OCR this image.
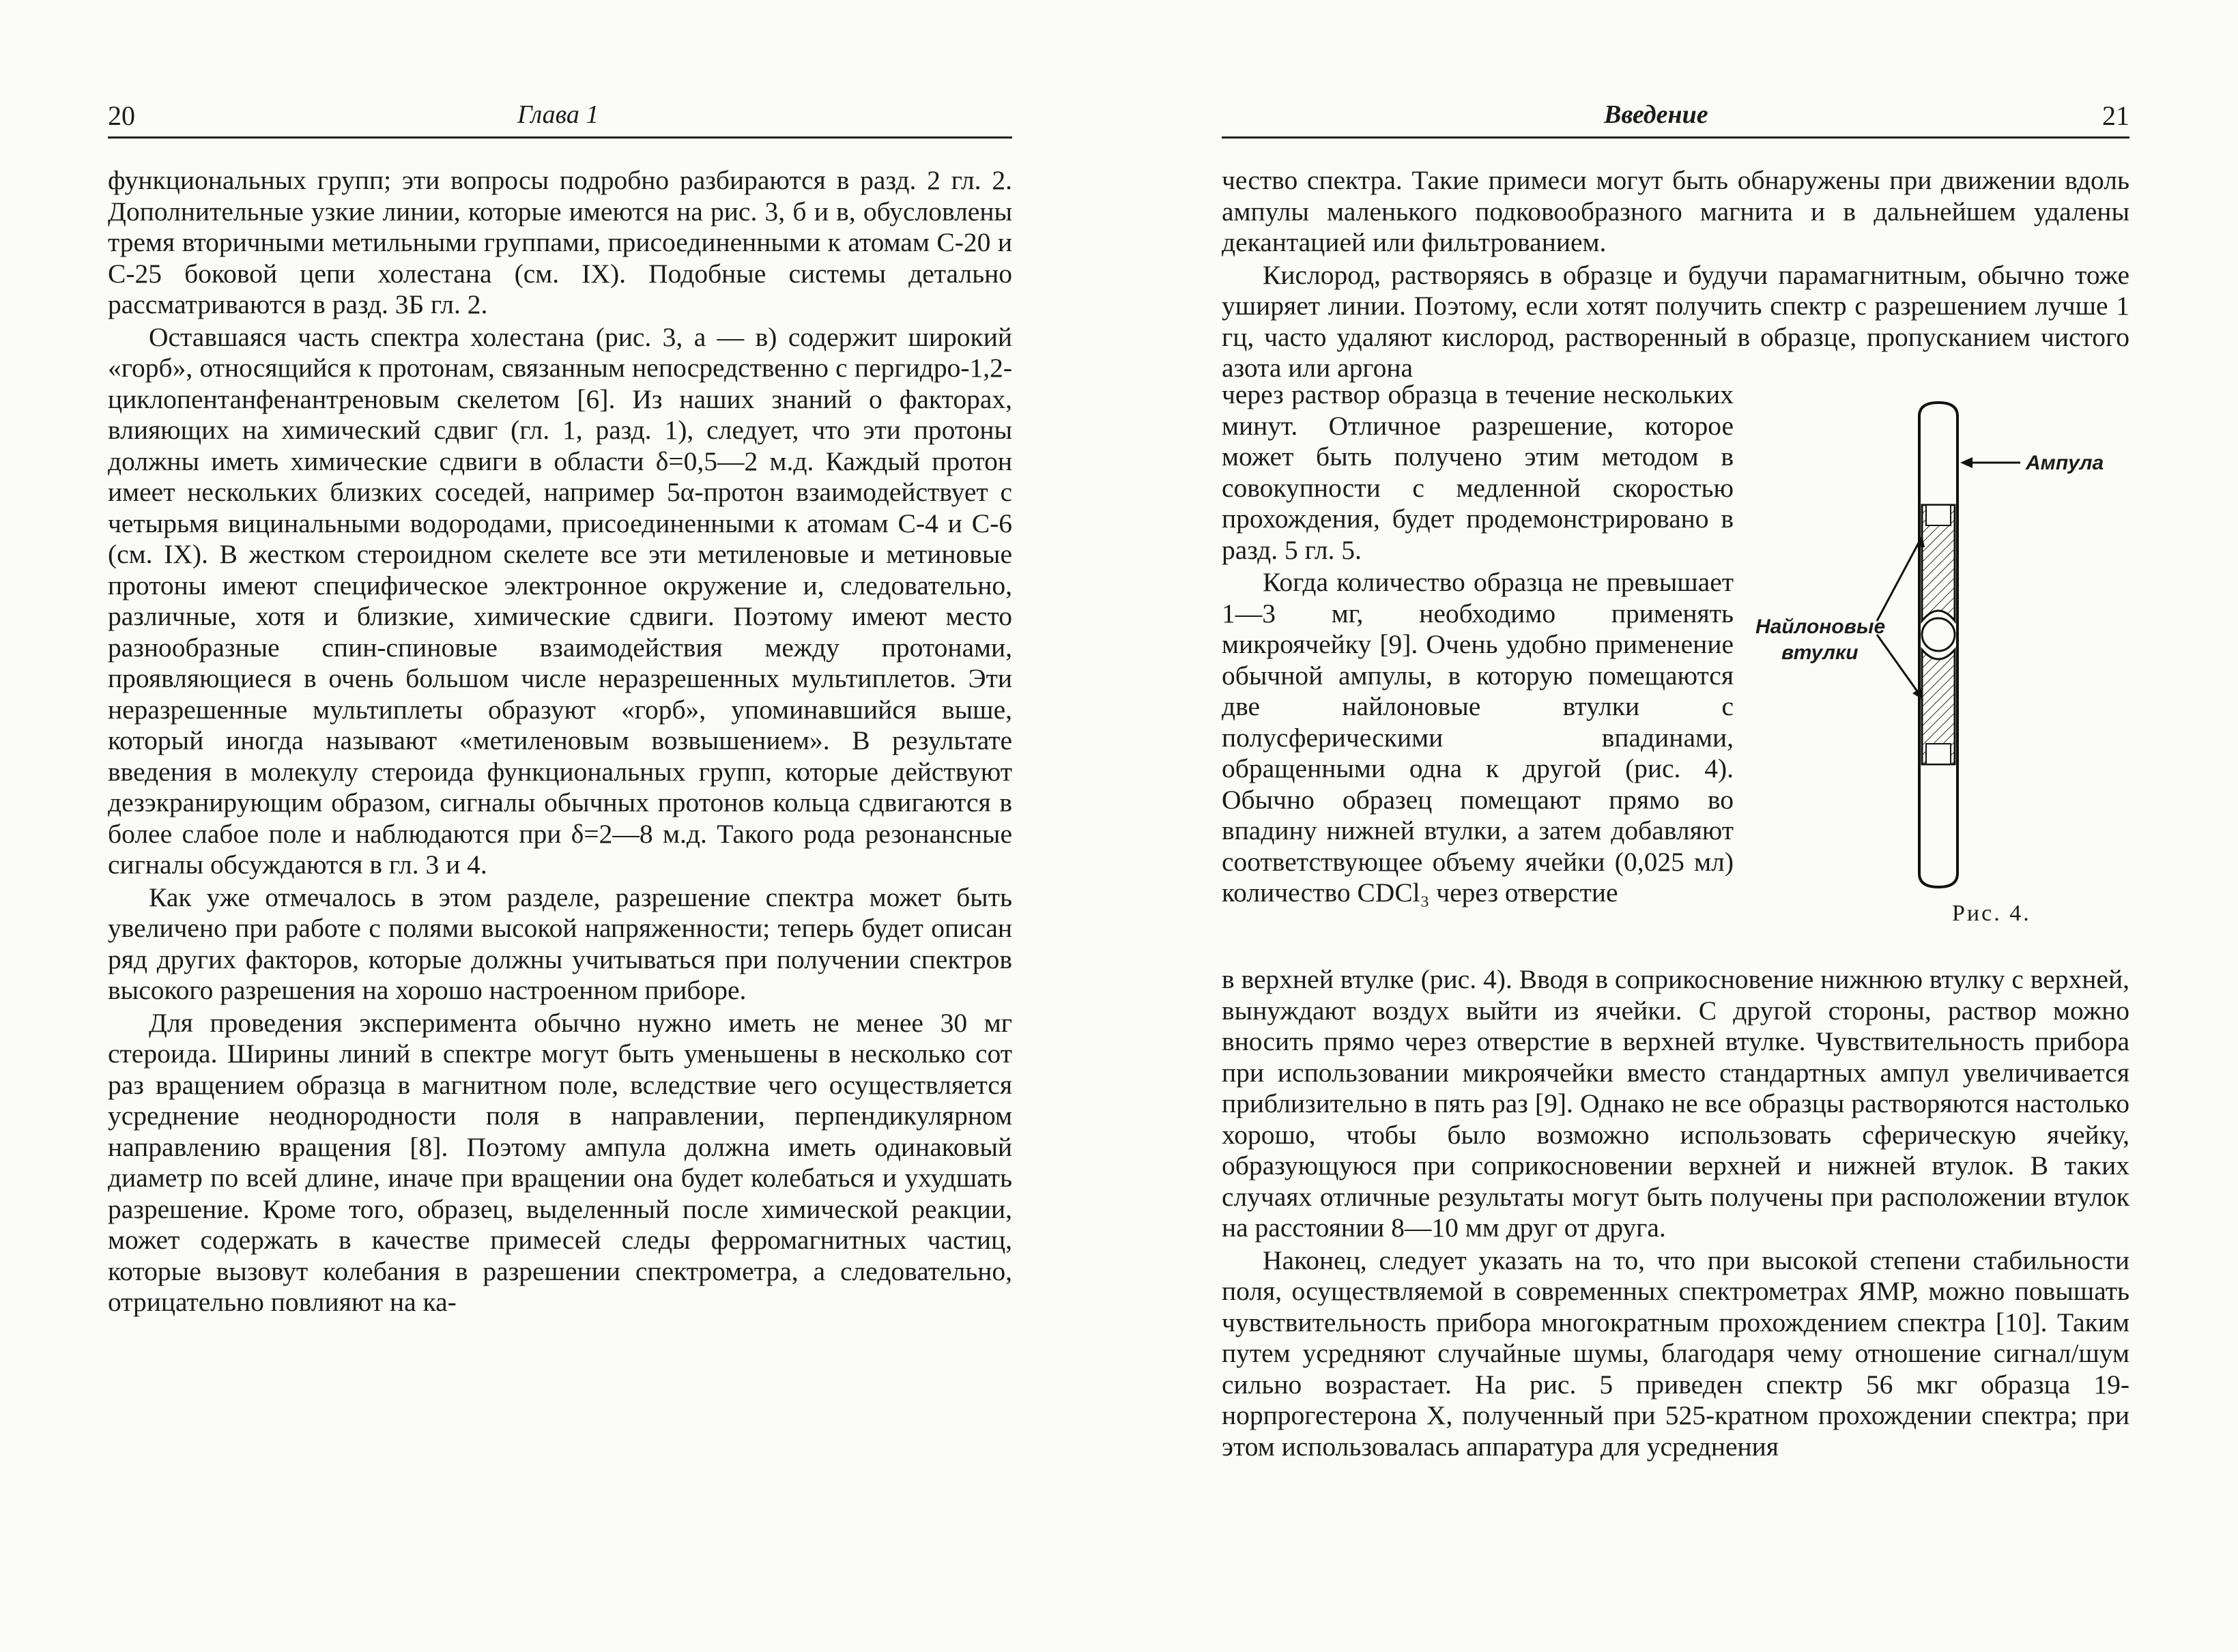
20	Глава 1

функциональных групп; эти вопросы подробно разбираются в разд. 2 гл. 2. Дополнительные узкие линии, которые имеются на рис. 3, б и в, обусловлены тремя вторичными метильными группами, присоединенными к атомам С-20 и С-25 боковой цепи холестана (см. IX). Подобные системы детально рассматриваются в разд. 3Б гл. 2.

Оставшаяся часть спектра холестана (рис. 3, а — в) содержит широкий «горб», относящийся к протонам, связанным непосредственно с пергидро-1,2-циклопентанфенантреновым скелетом [6]. Из наших знаний о факторах, влияющих на химический сдвиг (гл. 1, разд. 1), следует, что эти протоны должны иметь химические сдвиги в области δ=0,5—2 м.д. Каждый протон имеет нескольких близких соседей, например 5α-протон взаимодействует с четырьмя вицинальными водородами, присоединенными к атомам С-4 и С-6 (см. IX). В жестком стероидном скелете все эти метиленовые и метиновые протоны имеют специфическое электронное окружение и, следовательно, различные, хотя и близкие, химические сдвиги. Поэтому имеют место разнообразные спин-спиновые взаимодействия между протонами, проявляющиеся в очень большом числе неразрешенных мультиплетов. Эти неразрешенные мультиплеты образуют «горб», упоминавшийся выше, который иногда называют «метиленовым возвышением». В результате введения в молекулу стероида функциональных групп, которые действуют дезэкранирующим образом, сигналы обычных протонов кольца сдвигаются в более слабое поле и наблюдаются при δ=2—8 м.д. Такого рода резонансные сигналы обсуждаются в гл. 3 и 4.

Как уже отмечалось в этом разделе, разрешение спектра может быть увеличено при работе с полями высокой напряженности; теперь будет описан ряд других факторов, которые должны учитываться при получении спектров высокого разрешения на хорошо настроенном приборе.

Для проведения эксперимента обычно нужно иметь не менее 30 мг стероида. Ширины линий в спектре могут быть уменьшены в несколько сот раз вращением образца в магнитном поле, вследствие чего осуществляется усреднение неоднородности поля в направлении, перпендикулярном направлению вращения [8]. Поэтому ампула должна иметь одинаковый диаметр по всей длине, иначе при вращении она будет колебаться и ухудшать разрешение. Кроме того, образец, выделенный после химической реакции, может содержать в качестве примесей следы ферромагнитных частиц, которые вызовут колебания в разрешении спектрометра, а следовательно, отрицательно повлияют на ка-

Введение	21

чество спектра. Такие примеси могут быть обнаружены при движении вдоль ампулы маленького подковообразного магнита и в дальнейшем удалены декантацией или фильтрованием.

Кислород, растворяясь в образце и будучи парамагнитным, обычно тоже уширяет линии. Поэтому, если хотят получить спектр с разрешением лучше 1 гц, часто удаляют кислород, растворенный в образце, пропусканием чистого азота или аргона

через раствор образца в течение нескольких минут. Отличное разрешение, которое может быть получено этим методом в совокупности с медленной скоростью прохождения, будет продемонстрировано в разд. 5 гл. 5.

Когда количество образца не превышает 1—3 мг, необходимо применять микроячейку [9]. Очень удобно применение обычной ампулы, в которую помещаются две найлоновые втулки с полусферическими впадинами, обращенными одна к другой (рис. 4). Обычно образец помещают прямо во впадину нижней втулки, а затем добавляют соответствующее объему ячейки (0,025 мл) количество CDCl₃ через отверстие

Ампула
Найлоновые
втулки
Рис. 4.

в верхней втулке (рис. 4). Вводя в соприкосновение нижнюю втулку с верхней, вынуждают воздух выйти из ячейки. С другой стороны, раствор можно вносить прямо через отверстие в верхней втулке. Чувствительность прибора при использовании микроячейки вместо стандартных ампул увеличивается приблизительно в пять раз [9]. Однако не все образцы растворяются настолько хорошо, чтобы было возможно использовать сферическую ячейку, образующуюся при соприкосновении верхней и нижней втулок. В таких случаях отличные результаты могут быть получены при расположении втулок на расстоянии 8—10 мм друг от друга.

Наконец, следует указать на то, что при высокой степени стабильности поля, осуществляемой в современных спектрометрах ЯМР, можно повышать чувствительность прибора многократным прохождением спектра [10]. Таким путем усредняют случайные шумы, благодаря чему отношение сигнал/шум сильно возрастает. На рис. 5 приведен спектр 56 мкг образца 19-норпрогестерона X, полученный при 525-кратном прохождении спектра; при этом использовалась аппаратура для усреднения
